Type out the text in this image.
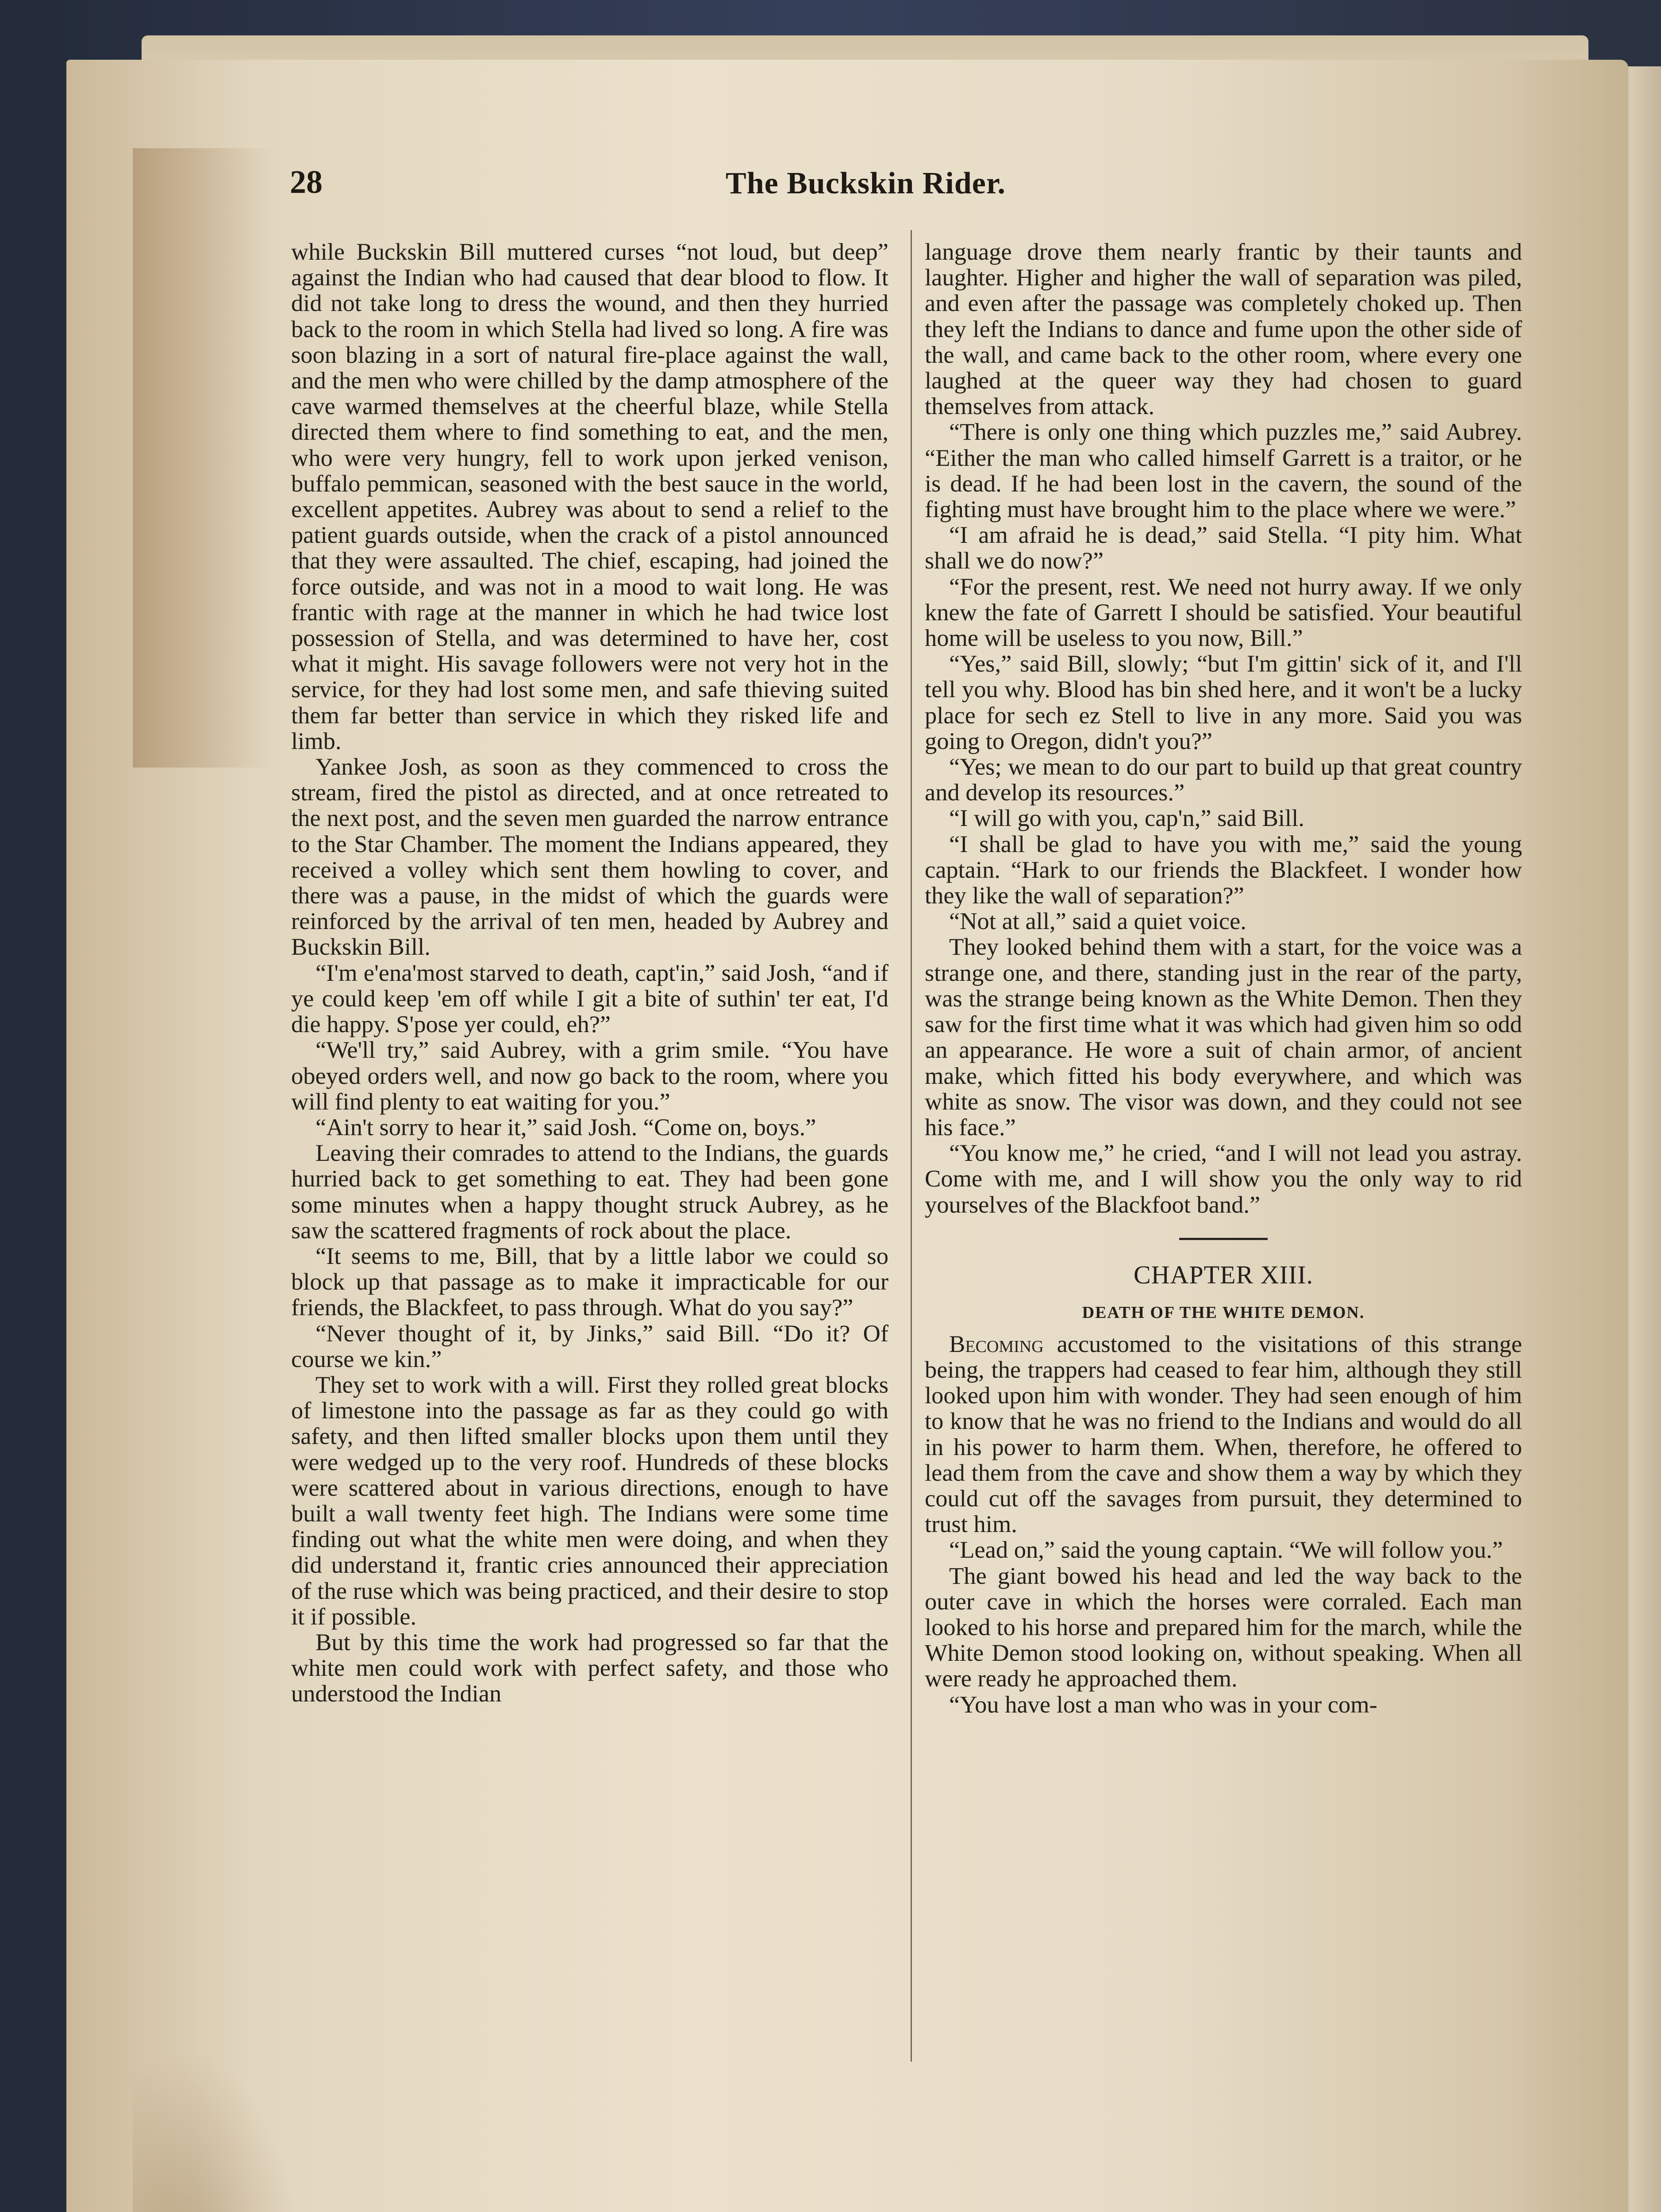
28	The Buckskin Rider.

while Buckskin Bill muttered curses “not loud, but deep” against the Indian who had caused that dear blood to flow. It did not take long to dress the wound, and then they hurried back to the room in which Stella had lived so long. A fire was soon blazing in a sort of natural fire-place against the wall, and the men who were chilled by the damp atmosphere of the cave warmed themselves at the cheerful blaze, while Stella directed them where to find something to eat, and the men, who were very hungry, fell to work upon jerked venison, buffalo pemmican, seasoned with the best sauce in the world, excellent appetites. Aubrey was about to send a relief to the patient guards outside, when the crack of a pistol announced that they were assaulted. The chief, escaping, had joined the force outside, and was not in a mood to wait long. He was frantic with rage at the manner in which he had twice lost possession of Stella, and was determined to have her, cost what it might. His savage followers were not very hot in the service, for they had lost some men, and safe thieving suited them far better than service in which they risked life and limb.

Yankee Josh, as soon as they commenced to cross the stream, fired the pistol as directed, and at once retreated to the next post, and the seven men guarded the narrow entrance to the Star Chamber. The moment the Indians appeared, they received a volley which sent them howling to cover, and there was a pause, in the midst of which the guards were reinforced by the arrival of ten men, headed by Aubrey and Buckskin Bill.

“I'm e'ena'most starved to death, capt'in,” said Josh, “and if ye could keep 'em off while I git a bite of suthin' ter eat, I'd die happy. S'pose yer could, eh?”

“We'll try,” said Aubrey, with a grim smile. “You have obeyed orders well, and now go back to the room, where you will find plenty to eat waiting for you.”

“Ain't sorry to hear it,” said Josh. “Come on, boys.”

Leaving their comrades to attend to the Indians, the guards hurried back to get something to eat. They had been gone some minutes when a happy thought struck Aubrey, as he saw the scattered fragments of rock about the place.

“It seems to me, Bill, that by a little labor we could so block up that passage as to make it impracticable for our friends, the Blackfeet, to pass through. What do you say?”

“Never thought of it, by Jinks,” said Bill. “Do it? Of course we kin.”

They set to work with a will. First they rolled great blocks of limestone into the passage as far as they could go with safety, and then lifted smaller blocks upon them until they were wedged up to the very roof. Hundreds of these blocks were scattered about in various directions, enough to have built a wall twenty feet high. The Indians were some time finding out what the white men were doing, and when they did understand it, frantic cries announced their appreciation of the ruse which was being practiced, and their desire to stop it if possible.

But by this time the work had progressed so far that the white men could work with perfect safety, and those who understood the Indian

language drove them nearly frantic by their taunts and laughter. Higher and higher the wall of separation was piled, and even after the passage was completely choked up. Then they left the Indians to dance and fume upon the other side of the wall, and came back to the other room, where every one laughed at the queer way they had chosen to guard themselves from attack.

“There is only one thing which puzzles me,” said Aubrey. “Either the man who called himself Garrett is a traitor, or he is dead. If he had been lost in the cavern, the sound of the fighting must have brought him to the place where we were.”

“I am afraid he is dead,” said Stella. “I pity him. What shall we do now?”

“For the present, rest. We need not hurry away. If we only knew the fate of Garrett I should be satisfied. Your beautiful home will be useless to you now, Bill.”

“Yes,” said Bill, slowly; “but I'm gittin' sick of it, and I'll tell you why. Blood has bin shed here, and it won't be a lucky place for sech ez Stell to live in any more. Said you was going to Oregon, didn't you?”

“Yes; we mean to do our part to build up that great country and develop its resources.”

“I will go with you, cap'n,” said Bill.

“I shall be glad to have you with me,” said the young captain. “Hark to our friends the Blackfeet. I wonder how they like the wall of separation?”

“Not at all,” said a quiet voice.

They looked behind them with a start, for the voice was a strange one, and there, standing just in the rear of the party, was the strange being known as the White Demon. Then they saw for the first time what it was which had given him so odd an appearance. He wore a suit of chain armor, of ancient make, which fitted his body everywhere, and which was white as snow. The visor was down, and they could not see his face.”

“You know me,” he cried, “and I will not lead you astray. Come with me, and I will show you the only way to rid yourselves of the Blackfoot band.”

CHAPTER XIII.
DEATH OF THE WHITE DEMON.

Becoming accustomed to the visitations of this strange being, the trappers had ceased to fear him, although they still looked upon him with wonder. They had seen enough of him to know that he was no friend to the Indians and would do all in his power to harm them. When, therefore, he offered to lead them from the cave and show them a way by which they could cut off the savages from pursuit, they determined to trust him.

“Lead on,” said the young captain. “We will follow you.”

The giant bowed his head and led the way back to the outer cave in which the horses were corraled. Each man looked to his horse and prepared him for the march, while the White Demon stood looking on, without speaking. When all were ready he approached them.

“You have lost a man who was in your com-
